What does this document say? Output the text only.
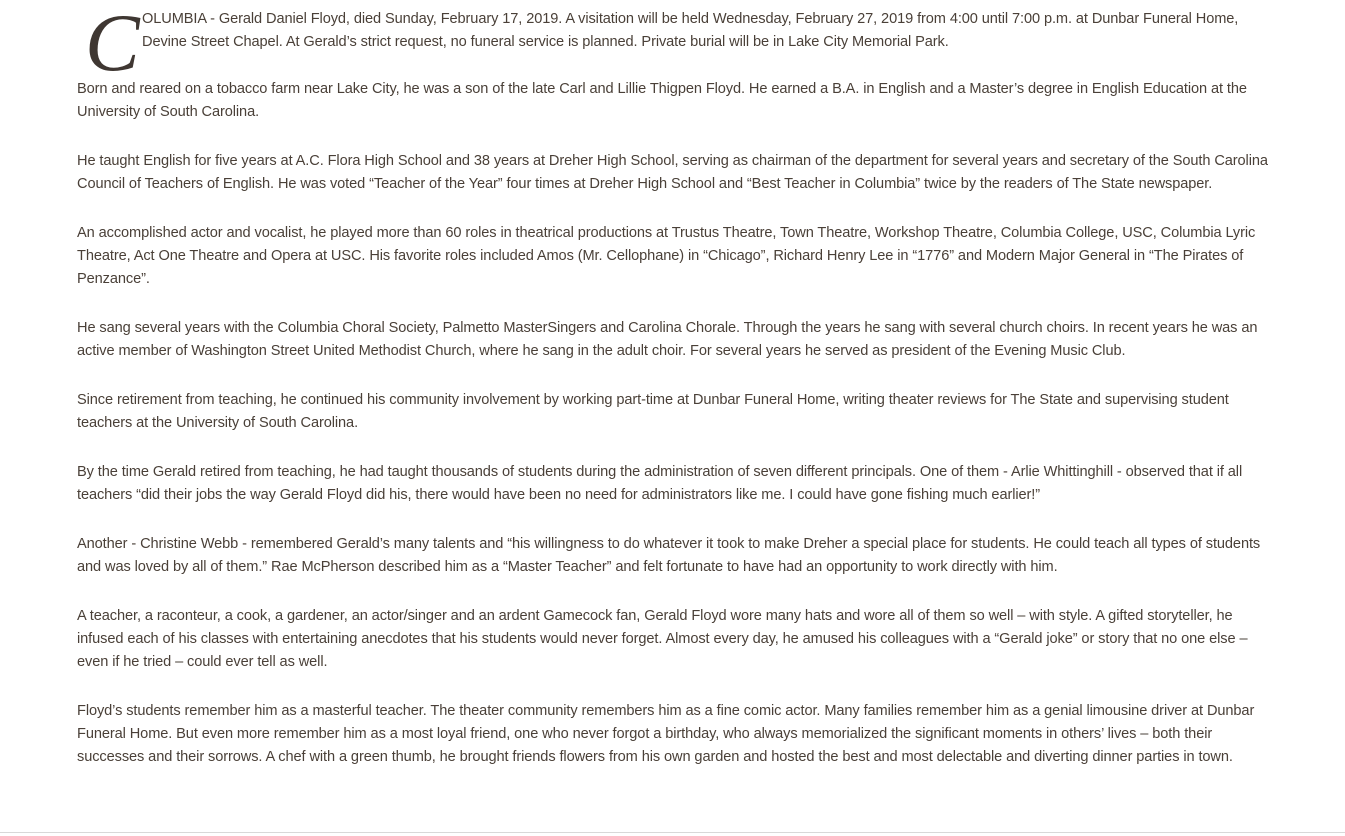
C OLUMBIA - Gerald Daniel Floyd, died Sunday, February 17, 2019. A visitation will be held Wednesday, February 27, 2019 from 4:00 until 7:00 p.m. at Dunbar Funeral Home, Devine Street Chapel. At Gerald’s strict request, no funeral service is planned. Private burial will be in Lake City Memorial Park.

Born and reared on a tobacco farm near Lake City, he was a son of the late Carl and Lillie Thigpen Floyd. He earned a B.A. in English and a Master’s degree in English Education at the University of South Carolina.

He taught English for five years at A.C. Flora High School and 38 years at Dreher High School, serving as chairman of the department for several years and secretary of the South Carolina Council of Teachers of English. He was voted “Teacher of the Year” four times at Dreher High School and “Best Teacher in Columbia” twice by the readers of The State newspaper.

An accomplished actor and vocalist, he played more than 60 roles in theatrical productions at Trustus Theatre, Town Theatre, Workshop Theatre, Columbia College, USC, Columbia Lyric Theatre, Act One Theatre and Opera at USC. His favorite roles included Amos (Mr. Cellophane) in “Chicago”, Richard Henry Lee in “1776” and Modern Major General in “The Pirates of Penzance”.

He sang several years with the Columbia Choral Society, Palmetto MasterSingers and Carolina Chorale. Through the years he sang with several church choirs. In recent years he was an active member of Washington Street United Methodist Church, where he sang in the adult choir. For several years he served as president of the Evening Music Club.

Since retirement from teaching, he continued his community involvement by working part-time at Dunbar Funeral Home, writing theater reviews for The State and supervising student teachers at the University of South Carolina.

By the time Gerald retired from teaching, he had taught thousands of students during the administration of seven different principals. One of them - Arlie Whittinghill - observed that if all teachers “did their jobs the way Gerald Floyd did his, there would have been no need for administrators like me. I could have gone fishing much earlier!”

Another - Christine Webb - remembered Gerald’s many talents and “his willingness to do whatever it took to make Dreher a special place for students. He could teach all types of students and was loved by all of them.” Rae McPherson described him as a “Master Teacher” and felt fortunate to have had an opportunity to work directly with him.

A teacher, a raconteur, a cook, a gardener, an actor/singer and an ardent Gamecock fan, Gerald Floyd wore many hats and wore all of them so well – with style. A gifted storyteller, he infused each of his classes with entertaining anecdotes that his students would never forget. Almost every day, he amused his colleagues with a “Gerald joke” or story that no one else –even if he tried – could ever tell as well.

Floyd’s students remember him as a masterful teacher. The theater community remembers him as a fine comic actor. Many families remember him as a genial limousine driver at Dunbar Funeral Home. But even more remember him as a most loyal friend, one who never forgot a birthday, who always memorialized the significant moments in others’ lives – both their successes and their sorrows. A chef with a green thumb, he brought friends flowers from his own garden and hosted the best and most delectable and diverting dinner parties in town.
